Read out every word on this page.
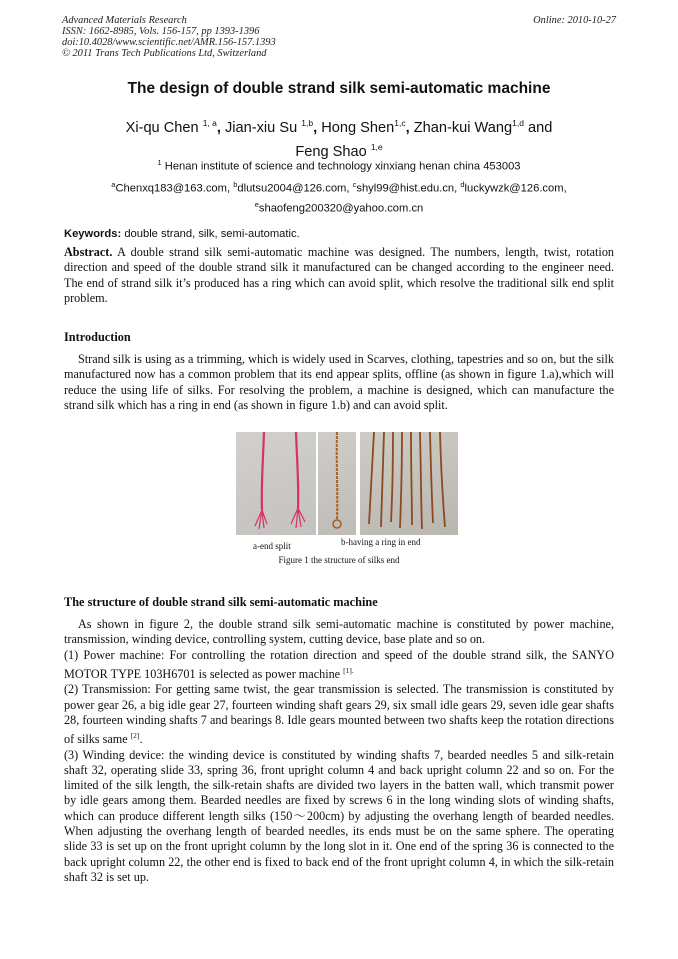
Advanced Materials Research
ISSN: 1662-8985, Vols. 156-157, pp 1393-1396
doi:10.4028/www.scientific.net/AMR.156-157.1393
© 2011 Trans Tech Publications Ltd, Switzerland
Online: 2010-10-27
The design of double strand silk semi-automatic machine
Xi-qu Chen $^{1, a}$, Jian-xiu Su $^{1,b}$, Hong Shen$^{1,c}$, Zhan-kui Wang$^{1,d}$ and
Feng Shao $^{1,e}$
$^1$ Henan institute of science and technology xinxiang henan china 453003
$^a$Chenxq183@163.com, $^b$dlutsu2004@126.com, $^c$shyl99@hist.edu.cn, $^d$luckywzk@126.com,
$^e$shaofeng200320@yahoo.com.cn
Keywords: double strand, silk, semi-automatic.
Abstract. A double strand silk semi-automatic machine was designed. The numbers, length, twist, rotation direction and speed of the double strand silk it manufactured can be changed according to the engineer need. The end of strand silk it’s produced has a ring which can avoid split, which resolve the traditional silk end split problem.
Introduction
Strand silk is using as a trimming, which is widely used in Scarves, clothing, tapestries and so on, but the silk manufactured now has a common problem that its end appear splits, offline (as shown in figure 1.a),which will reduce the using life of silks. For resolving the problem, a machine is designed, which can manufacture the strand silk which has a ring in end (as shown in figure 1.b) and can avoid split.
a-end split	b-having a ring in end
Figure 1 the structure of silks end
The structure of double strand silk semi-automatic machine
As shown in figure 2, the double strand silk semi-automatic machine is constituted by power machine, transmission, winding device, controlling system, cutting device, base plate and so on.
(1) Power machine: For controlling the rotation direction and speed of the double strand silk, the SANYO MOTOR TYPE 103H6701 is selected as power machine $^{[1].}$
(2) Transmission: For getting same twist, the gear transmission is selected. The transmission is constituted by power gear 26, a big idle gear 27, fourteen winding shaft gears 29, six small idle gears 29, seven idle gear shafts 28, fourteen winding shafts 7 and bearings 8. Idle gears mounted between two shafts keep the rotation directions of silks same [2].
(3) Winding device: the winding device is constituted by winding shafts 7, bearded needles 5 and silk-retain shaft 32, operating slide 33, spring 36, front upright column 4 and back upright column 22 and so on. For the limited of the silk length, the silk-retain shafts are divided two layers in the batten wall, which transmit power by idle gears among them. Bearded needles are fixed by screws 6 in the long winding slots of winding shafts, which can produce different length silks (150～200cm) by adjusting the overhang length of bearded needles. When adjusting the overhang length of bearded needles, its ends must be on the same sphere. The operating slide 33 is set up on the front upright column by the long slot in it. One end of the spring 36 is connected to the back upright column 22, the other end is fixed to back end of the front upright column 4, in which the silk-retain shaft 32 is set up.
